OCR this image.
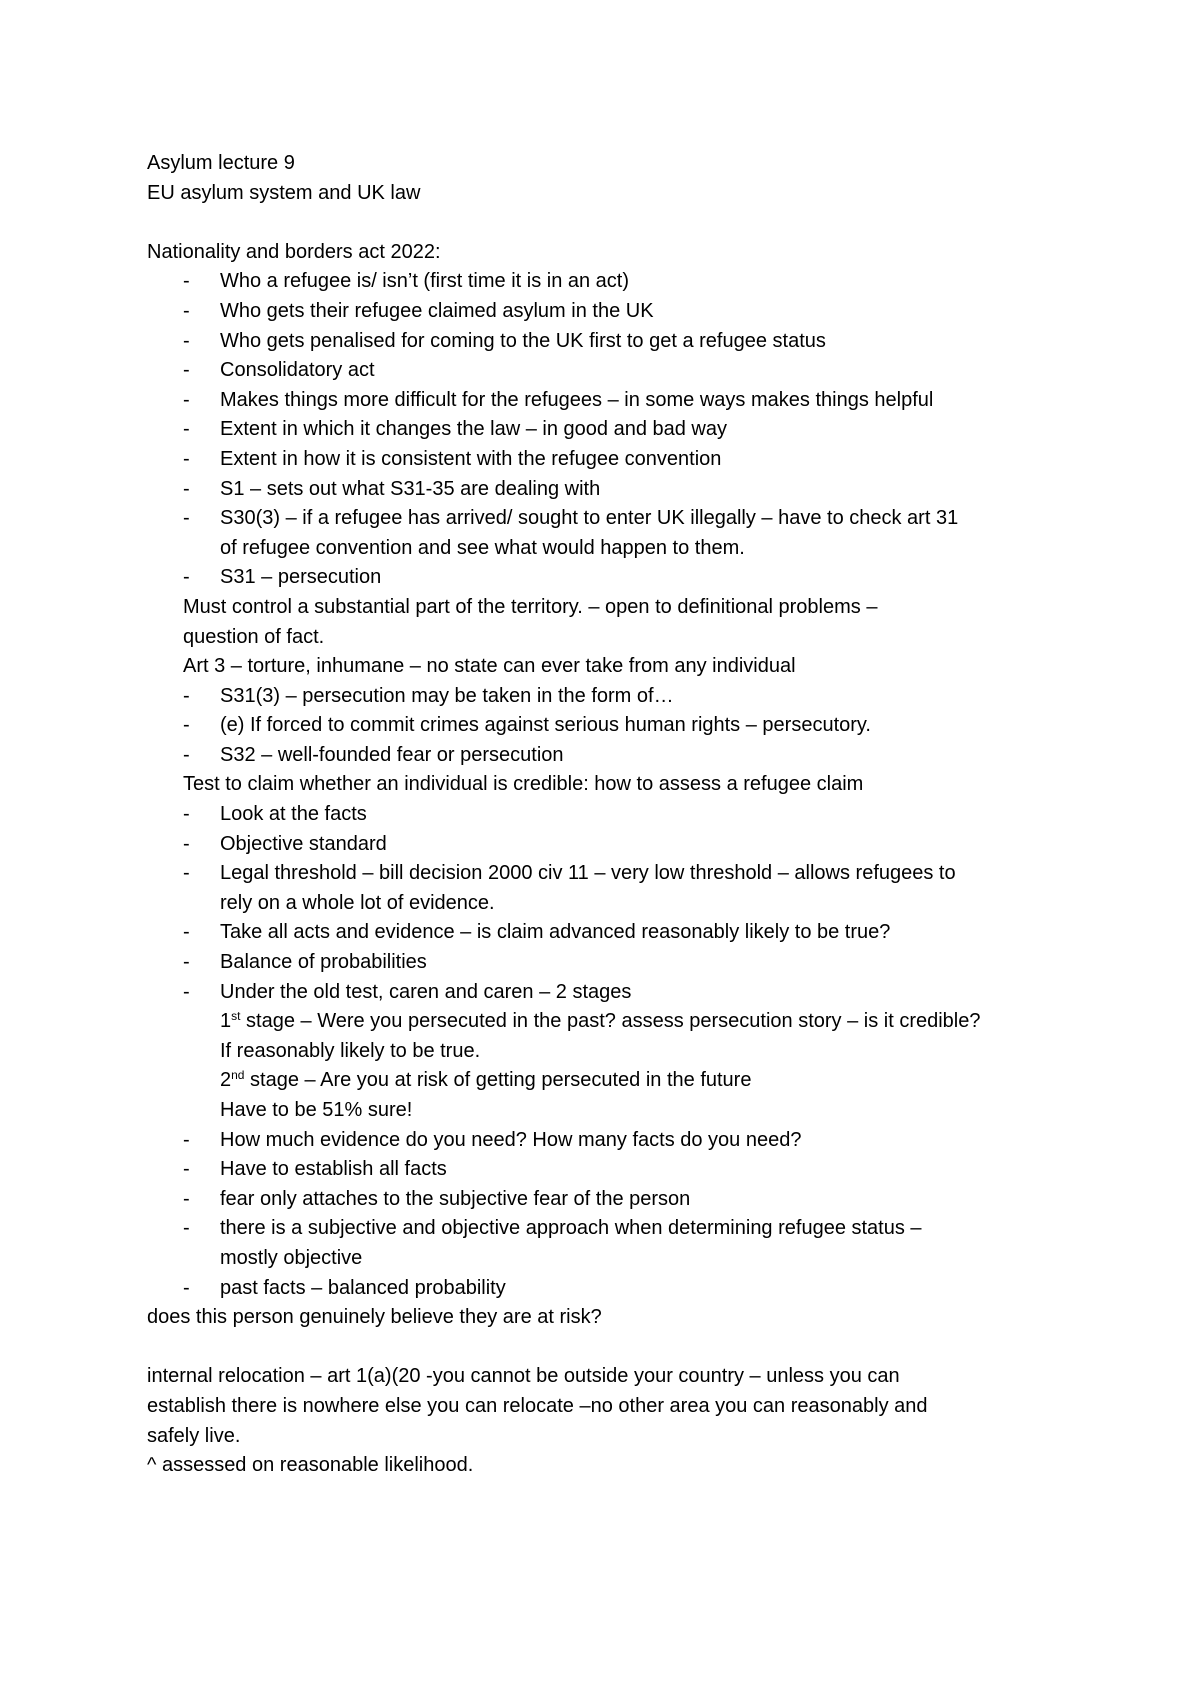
Asylum lecture 9

EU asylum system and UK law

Nationality and borders act 2022:

- Who a refugee is/ isn’t (first time it is in an act)
- Who gets their refugee claimed asylum in the UK
- Who gets penalised for coming to the UK first to get a refugee status
- Consolidatory act
- Makes things more difficult for the refugees – in some ways makes things helpful
- Extent in which it changes the law – in good and bad way
- Extent in how it is consistent with the refugee convention
- S1 – sets out what S31-35 are dealing with
- S30(3) – if a refugee has arrived/ sought to enter UK illegally – have to check art 31

of refugee convention and see what would happen to them.

- S31 – persecution

Must control a substantial part of the territory. – open to definitional problems –

question of fact.

Art 3 – torture, inhumane – no state can ever take from any individual

- S31(3) – persecution may be taken in the form of…
- (e) If forced to commit crimes against serious human rights – persecutory.
- S32 – well-founded fear or persecution

Test to claim whether an individual is credible: how to assess a refugee claim

- Look at the facts
- Objective standard
- Legal threshold – bill decision 2000 civ 11 – very low threshold – allows refugees to

rely on a whole lot of evidence.

- Take all acts and evidence – is claim advanced reasonably likely to be true?
- Balance of probabilities
- Under the old test, caren and caren – 2 stages

1st stage – Were you persecuted in the past? assess persecution story – is it credible?

If reasonably likely to be true.

2nd stage – Are you at risk of getting persecuted in the future

Have to be 51% sure!

- How much evidence do you need? How many facts do you need?
- Have to establish all facts
- fear only attaches to the subjective fear of the person
- there is a subjective and objective approach when determining refugee status –

mostly objective

- past facts – balanced probability

does this person genuinely believe they are at risk?

internal relocation – art 1(a)(20 -you cannot be outside your country – unless you can

establish there is nowhere else you can relocate –no other area you can reasonably and

safely live.

^ assessed on reasonable likelihood.
